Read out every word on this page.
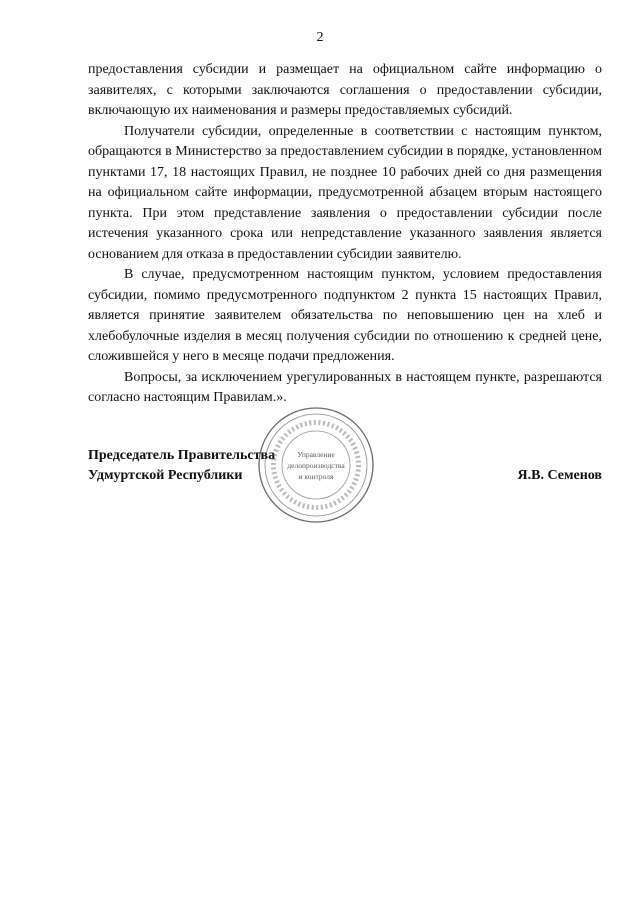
2

предоставления субсидии и размещает на официальном сайте информацию о заявителях, с которыми заключаются соглашения о предоставлении субсидии, включающую их наименования и размеры предоставляемых субсидий.

Получатели субсидии, определенные в соответствии с настоящим пунктом, обращаются в Министерство за предоставлением субсидии в порядке, установленном пунктами 17, 18 настоящих Правил, не позднее 10 рабочих дней со дня размещения на официальном сайте информации, предусмотренной абзацем вторым настоящего пункта. При этом представление заявления о предоставлении субсидии после истечения указанного срока или непредставление указанного заявления является основанием для отказа в предоставлении субсидии заявителю.

В случае, предусмотренном настоящим пунктом, условием предоставления субсидии, помимо предусмотренного подпунктом 2 пункта 15 настоящих Правил, является принятие заявителем обязательства по неповышению цен на хлеб и хлебобулочные изделия в месяц получения субсидии по отношению к средней цене, сложившейся у него в месяце подачи предложения.

Вопросы, за исключением урегулированных в настоящем пункте, разрешаются согласно настоящим Правилам.».

Председатель Правительства
Удмуртской Республики	Я.В. Семенов
Управление
делопроизводства
и контроля
